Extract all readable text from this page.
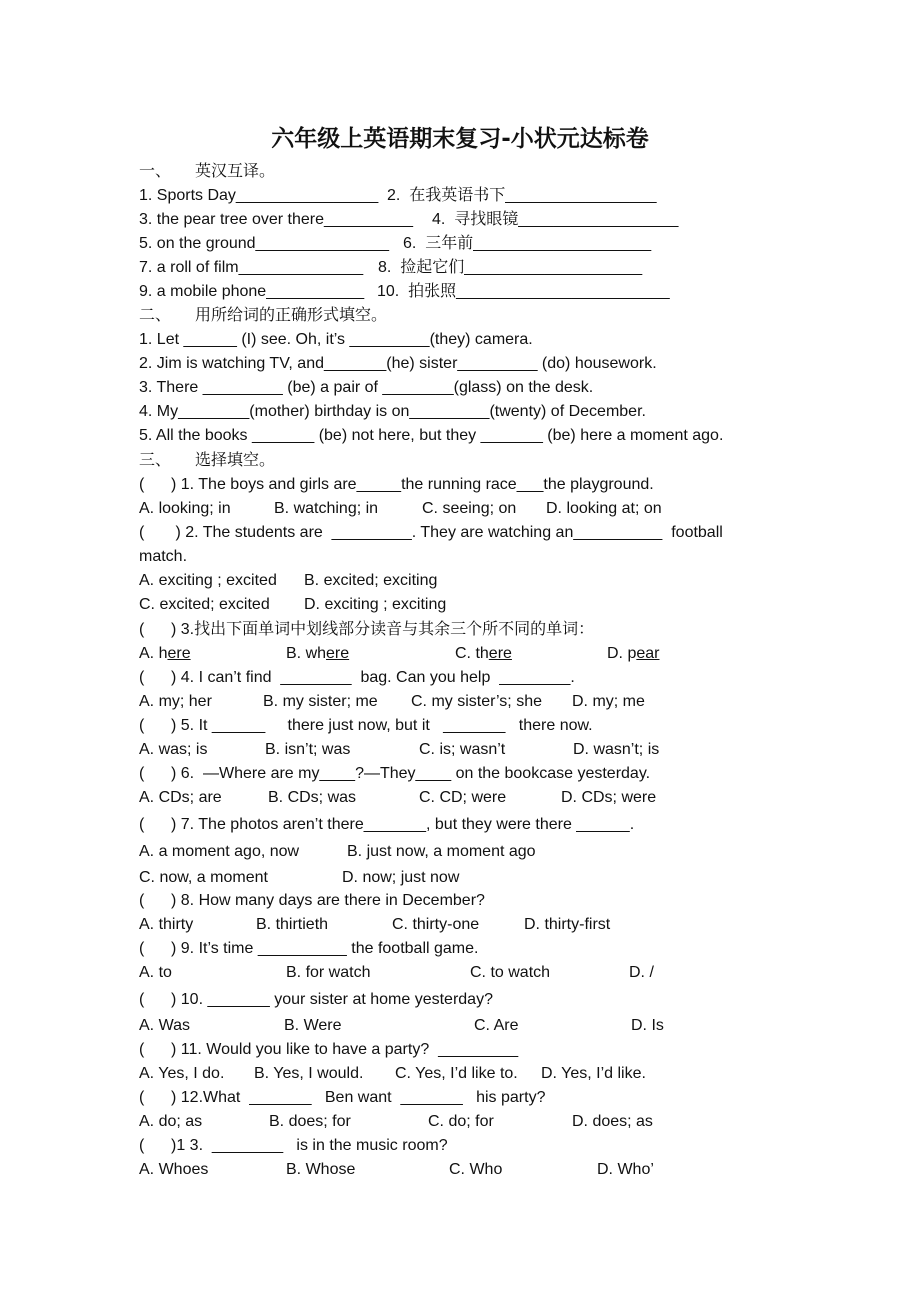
六年级上英语期末复习-小状元达标卷
一、　　英汉互译。
1. Sports Day________________ 2.  在我英语书下_________________
3. the pear tree over there__________ 4.  寻找眼镜__________________
5. on the ground_______________ 6.  三年前____________________
7. a roll of film______________ 8.  捡起它们____________________
9. a mobile phone___________ 10.  拍张照________________________
二、　　用所给词的正确形式填空。
1. Let ______ (I) see. Oh, it’s _________(they) camera.
2. Jim is watching TV, and_______(he) sister_________ (do) housework.
3. There _________ (be) a pair of ________(glass) on the desk.
4. My________(mother) birthday is on_________(twenty) of December.
5. All the books _______ (be) not here, but they _______ (be) here a moment ago.
三、　　选择填空。
(      ) 1. The boys and girls are_____the running race___the playground.
A. looking; in	B. watching; in	C. seeing; on D. looking at; on
(       ) 2. The students are  _________. They are watching an__________  football
match.
A. exciting ; excited B. excited; exciting
C. excited; excited D. exciting ; exciting
(      ) 3.找出下面单词中划线部分读音与其余三个所不同的单词：
A. here	B. where	C. there	D. pear
(      ) 4. I can’t find  ________  bag. Can you help  ________.
A. my; her	B. my sister; me C. my sister’s; she D. my; me
(      ) 5. It ______     there just now, but it   _______   there now.
A. was; is	B. isn’t; was	C. is; wasn’t	D. wasn’t; is
(      ) 6.  —Where are my____?—They____ on the bookcase yesterday.
A. CDs; are	B. CDs; was	C. CD; were	D. CDs; were
(      ) 7. The photos aren’t there_______, but they were there ______.
A. a moment ago, now	B. just now, a moment ago
C. now, a moment	D. now; just now
(      ) 8. How many days are there in December?
A. thirty	B. thirtieth	C. thirty-one	D. thirty-first
(      ) 9. It’s time __________ the football game.
A. to	B. for watch	C. to watch	D. /
(      ) 10. _______ your sister at home yesterday?
A. Was	B. Were	C. Are	D. Is
(      ) 11. Would you like to have a party?  _________
A. Yes, I do. B. Yes, I would. C. Yes, I’d like to. D. Yes, I’d like.
(      ) 12.What  _______   Ben want  _______   his party?
A. do; as	B. does; for	C. do; for	D. does; as
(      )1 3.  ________   is in the music room?
A. Whoes	B. Whose	C. Who	D. Who’
